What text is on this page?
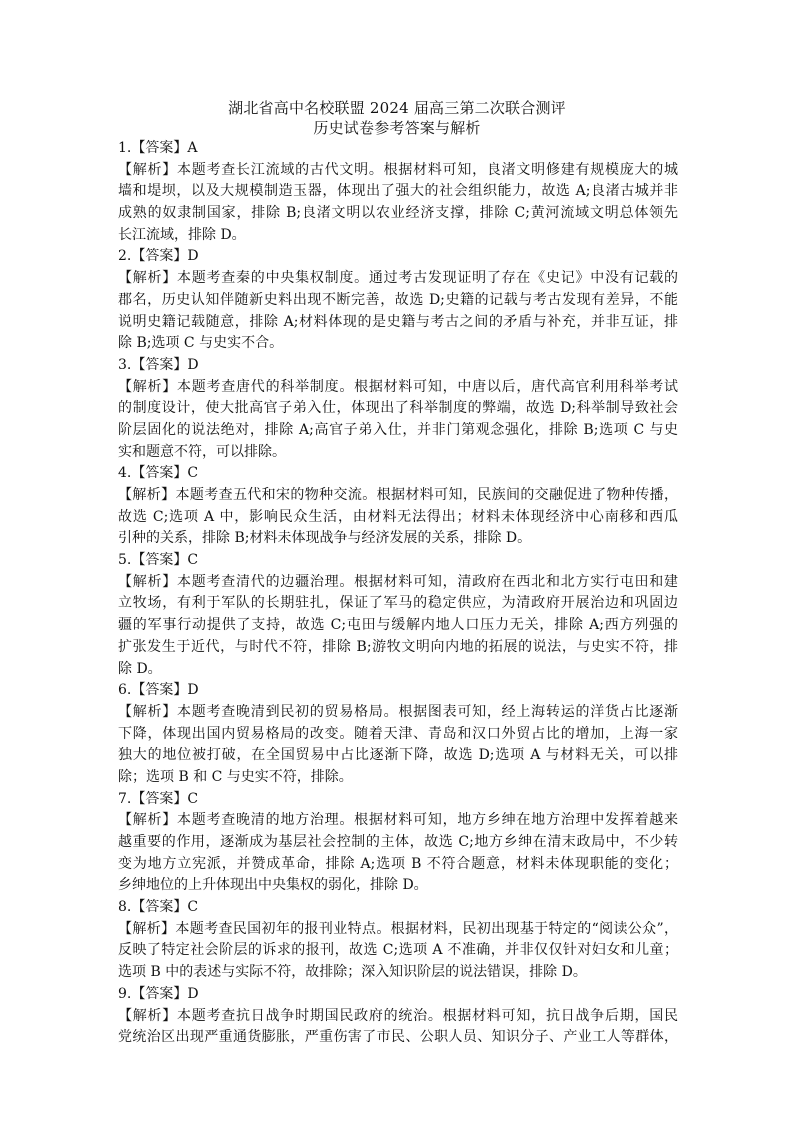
湖北省高中名校联盟 2024 届高三第二次联合测评
历史试卷参考答案与解析
1.【答案】A
【解析】本题考查长江流域的古代文明。根据材料可知，良渚文明修建有规模庞大的城
墙和堤坝，以及大规模制造玉器，体现出了强大的社会组织能力，故选 A;良渚古城并非
成熟的奴隶制国家，排除 B;良渚文明以农业经济支撑，排除 C;黄河流域文明总体领先
长江流域，排除 D。
2.【答案】D
【解析】本题考查秦的中央集权制度。通过考古发现证明了存在《史记》中没有记载的
郡名，历史认知伴随新史料出现不断完善，故选 D;史籍的记载与考古发现有差异，不能
说明史籍记载随意，排除 A;材料体现的是史籍与考古之间的矛盾与补充，并非互证，排
除 B;选项 C 与史实不合。
3.【答案】D
【解析】本题考查唐代的科举制度。根据材料可知，中唐以后，唐代高官利用科举考试
的制度设计，使大批高官子弟入仕，体现出了科举制度的弊端，故选 D;科举制导致社会
阶层固化的说法绝对，排除 A;高官子弟入仕，并非门第观念强化，排除 B;选项 C 与史
实和题意不符，可以排除。
4.【答案】C
【解析】本题考查五代和宋的物种交流。根据材料可知，民族间的交融促进了物种传播，
故选 C;选项 A 中，影响民众生活，由材料无法得出；材料未体现经济中心南移和西瓜
引种的关系，排除 B;材料未体现战争与经济发展的关系，排除 D。
5.【答案】C
【解析】本题考查清代的边疆治理。根据材料可知，清政府在西北和北方实行屯田和建
立牧场，有利于军队的长期驻扎，保证了军马的稳定供应，为清政府开展治边和巩固边
疆的军事行动提供了支持，故选 C;屯田与缓解内地人口压力无关，排除 A;西方列强的
扩张发生于近代，与时代不符，排除 B;游牧文明向内地的拓展的说法，与史实不符，排
除 D。
6.【答案】D
【解析】本题考查晚清到民初的贸易格局。根据图表可知，经上海转运的洋货占比逐渐
下降，体现出国内贸易格局的改变。随着天津、青岛和汉口外贸占比的增加，上海一家
独大的地位被打破，在全国贸易中占比逐渐下降，故选 D;选项 A 与材料无关，可以排
除；选项 B 和 C 与史实不符，排除。
7.【答案】C
【解析】本题考查晚清的地方治理。根据材料可知，地方乡绅在地方治理中发挥着越来
越重要的作用，逐渐成为基层社会控制的主体，故选 C;地方乡绅在清末政局中，不少转
变为地方立宪派，并赞成革命，排除 A;选项 B 不符合题意，材料未体现职能的变化；
乡绅地位的上升体现出中央集权的弱化，排除 D。
8.【答案】C
【解析】本题考查民国初年的报刊业特点。根据材料，民初出现基于特定的“阅读公众”，
反映了特定社会阶层的诉求的报刊，故选 C;选项 A 不准确，并非仅仅针对妇女和儿童；
选项 B 中的表述与实际不符，故排除；深入知识阶层的说法错误，排除 D。
9.【答案】D
【解析】本题考查抗日战争时期国民政府的统治。根据材料可知，抗日战争后期，国民
党统治区出现严重通货膨胀，严重伤害了市民、公职人员、知识分子、产业工人等群体，
